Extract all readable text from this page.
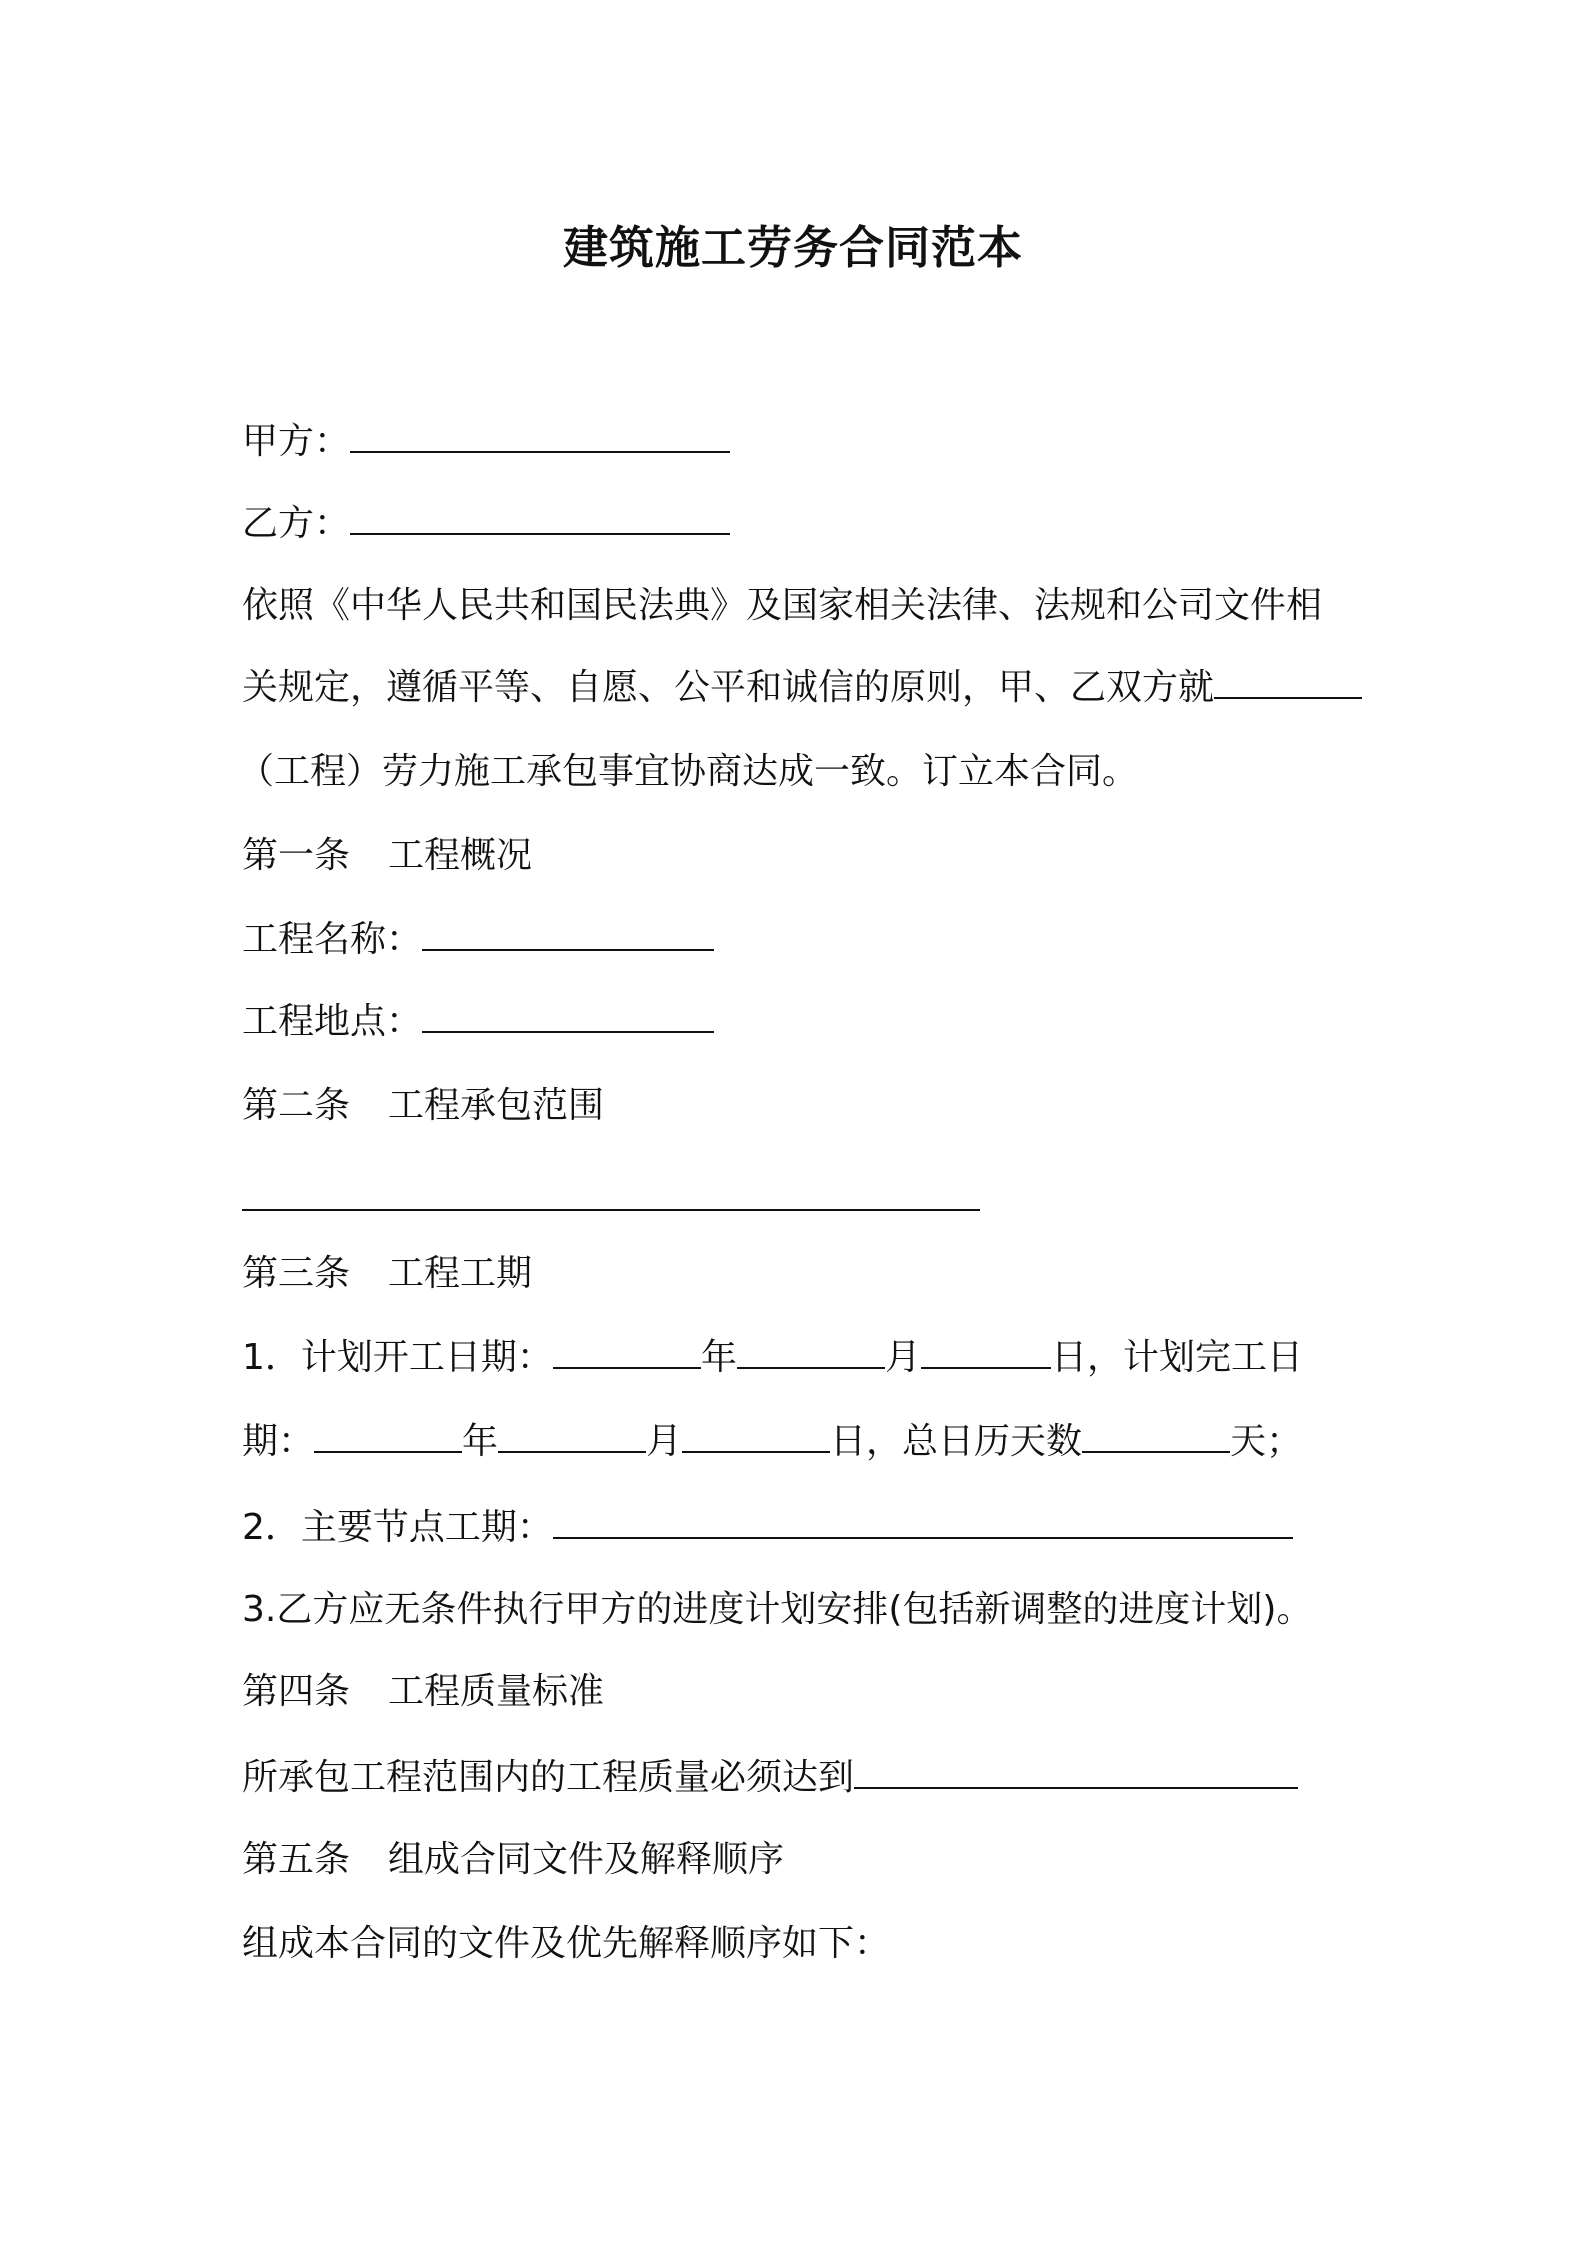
建筑施工劳务合同范本
甲方：
乙方：
依照《中华人民共和国民法典》及国家相关法律、法规和公司文件相
关规定，遵循平等、自愿、公平和诚信的原则，甲、乙双方就
（工程）劳力施工承包事宜协商达成一致。订立本合同。
第一条 工程概况
工程名称：
工程地点：
第二条 工程承包范围
第三条 工程工期
1．计划开工日期：	年	月	日，计划完工日
期：	年	月	日，总日历天数	天；
2．主要节点工期：
3.乙方应无条件执行甲方的进度计划安排(包括新调整的进度计划)。
第四条 工程质量标准
所承包工程范围内的工程质量必须达到
第五条 组成合同文件及解释顺序
组成本合同的文件及优先解释顺序如下：
